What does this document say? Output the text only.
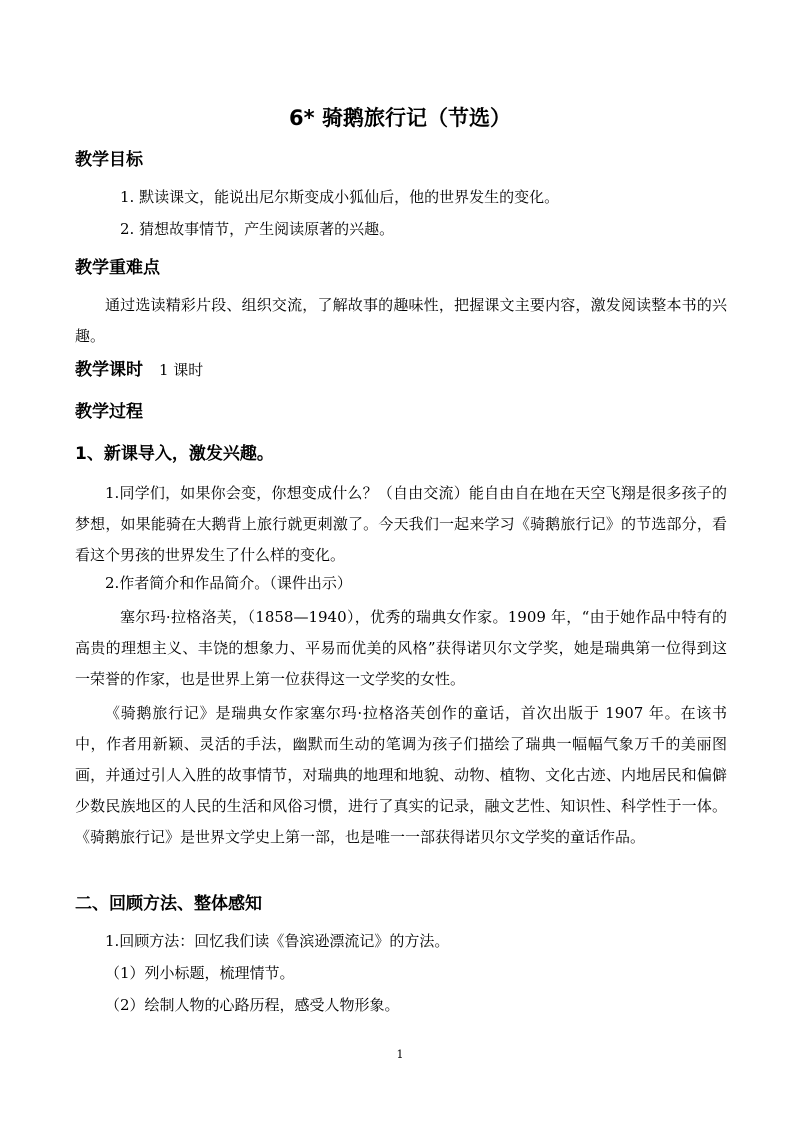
6* 骑鹅旅行记（节选）
教学目标
1. 默读课文，能说出尼尔斯变成小狐仙后，他的世界发生的变化。
2. 猜想故事情节，产生阅读原著的兴趣。
教学重难点
通过选读精彩片段、组织交流，了解故事的趣味性，把握课文主要内容，激发阅读整本书的兴趣。
教学课时 1 课时
教学过程
1、新课导入，激发兴趣。
1.同学们，如果你会变，你想变成什么？（自由交流）能自由自在地在天空飞翔是很多孩子的梦想，如果能骑在大鹅背上旅行就更刺激了。今天我们一起来学习《骑鹅旅行记》的节选部分，看看这个男孩的世界发生了什么样的变化。
2.作者简介和作品简介。（课件出示）
塞尔玛·拉格洛芙，（1858—1940），优秀的瑞典女作家。1909 年，“由于她作品中特有的高贵的理想主义、丰饶的想象力、平易而优美的风格”获得诺贝尔文学奖，她是瑞典第一位得到这一荣誉的作家，也是世界上第一位获得这一文学奖的女性。
《骑鹅旅行记》是瑞典女作家塞尔玛·拉格洛芙创作的童话，首次出版于 1907 年。在该书中，作者用新颖、灵活的手法，幽默而生动的笔调为孩子们描绘了瑞典一幅幅气象万千的美丽图画，并通过引人入胜的故事情节，对瑞典的地理和地貌、动物、植物、文化古迹、内地居民和偏僻少数民族地区的人民的生活和风俗习惯，进行了真实的记录，融文艺性、知识性、科学性于一体。《骑鹅旅行记》是世界文学史上第一部，也是唯一一部获得诺贝尔文学奖的童话作品。
二、回顾方法、整体感知
1.回顾方法：回忆我们读《鲁滨逊漂流记》的方法。
（1）列小标题，梳理情节。
（2）绘制人物的心路历程，感受人物形象。
1
